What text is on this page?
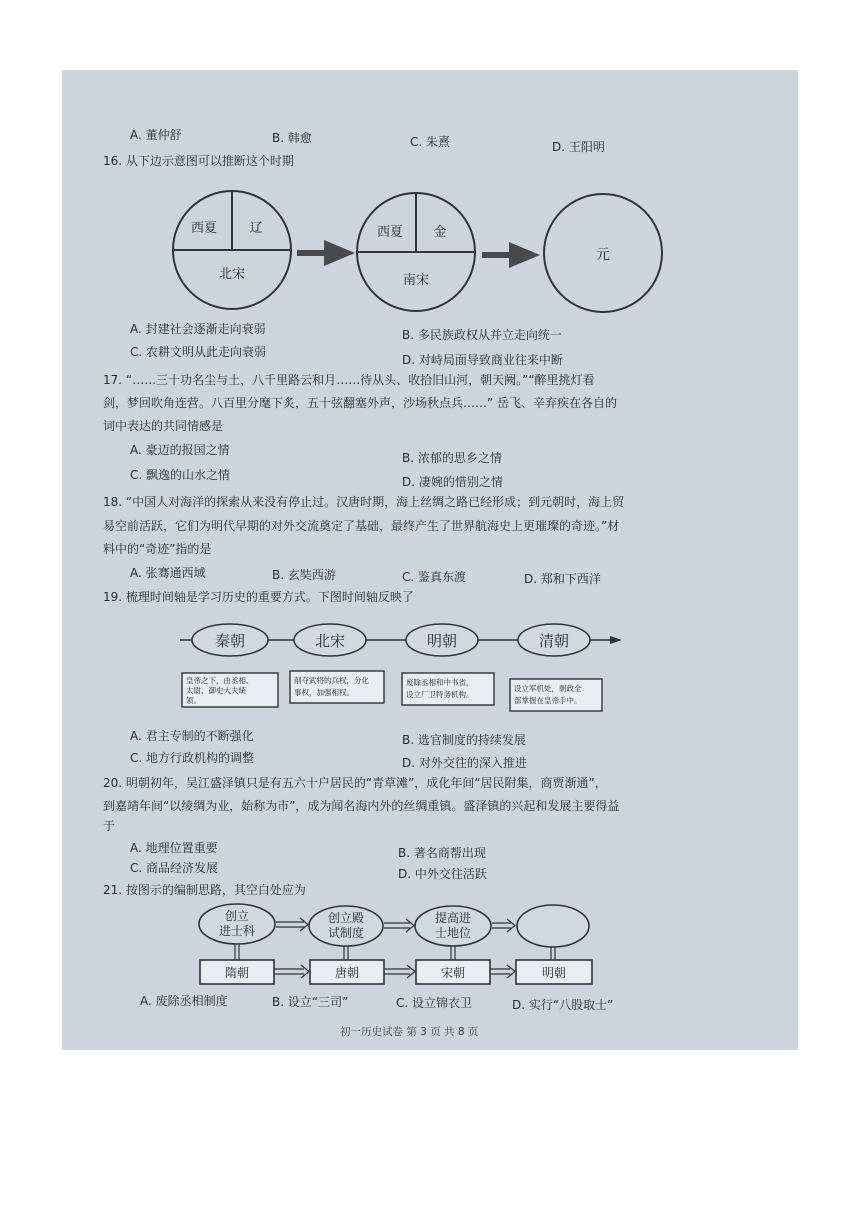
A. 董仲舒	B. 韩愈	C. 朱熹	D. 王阳明
16. 从下边示意图可以推断这个时期
西夏 辽
北宋
西夏 金
南宋
元
A. 封建社会逐渐走向衰弱	B. 多民族政权从并立走向统一
C. 农耕文明从此走向衰弱
D. 对峙局面导致商业往来中断
17. “……三十功名尘与土，八千里路云和月……待从头、收拾旧山河，朝天阙。”“醉里挑灯看
剑，梦回吹角连营。八百里分麾下炙，五十弦翻塞外声，沙场秋点兵……” 岳飞、辛弃疾在各自的
词中表达的共同情感是
A. 豪迈的报国之情
B. 浓郁的思乡之情
C. 飘逸的山水之情	D. 凄婉的惜别之情
18. “中国人对海洋的探索从来没有停止过。汉唐时期，海上丝绸之路已经形成；到元朝时，海上贸
易空前活跃，它们为明代早期的对外交流奠定了基础，最终产生了世界航海史上更璀璨的奇迹。”材
料中的“奇迹”指的是
A. 张骞通西域	B. 玄奘西游	C. 鉴真东渡	D. 郑和下西洋
19. 梳理时间轴是学习历史的重要方式。下图时间轴反映了
秦朝	北宋	明朝	清朝
皇帝之下，由丞相、
太尉、御史大夫统
领。
削夺武将的兵权，分化
事权，加强相权。
废除丞相和中书省，
设立厂卫特务机构。
设立军机处，朝政全
部掌握在皇帝手中。
A. 君主专制的不断强化	B. 选官制度的持续发展
C. 地方行政机构的调整	D. 对外交往的深入推进
20. 明朝初年，吴江盛泽镇只是有五六十户居民的“青草滩”，成化年间“居民附集，商贾渐通”，
到嘉靖年间“以绫绸为业，始称为市”，成为闻名海内外的丝绸重镇。盛泽镇的兴起和发展主要得益
于
A. 地理位置重要	B. 著名商帮出现
C. 商品经济发展	D. 中外交往活跃
21. 按图示的编制思路，其空白处应为
创立
进士科
创立殿
试制度
提高进
士地位
隋朝	唐朝	宋朝	明朝
A. 废除丞相制度	B. 设立“三司”	C. 设立锦衣卫	D. 实行“八股取士”
初一历史试卷 第 3 页 共 8 页
